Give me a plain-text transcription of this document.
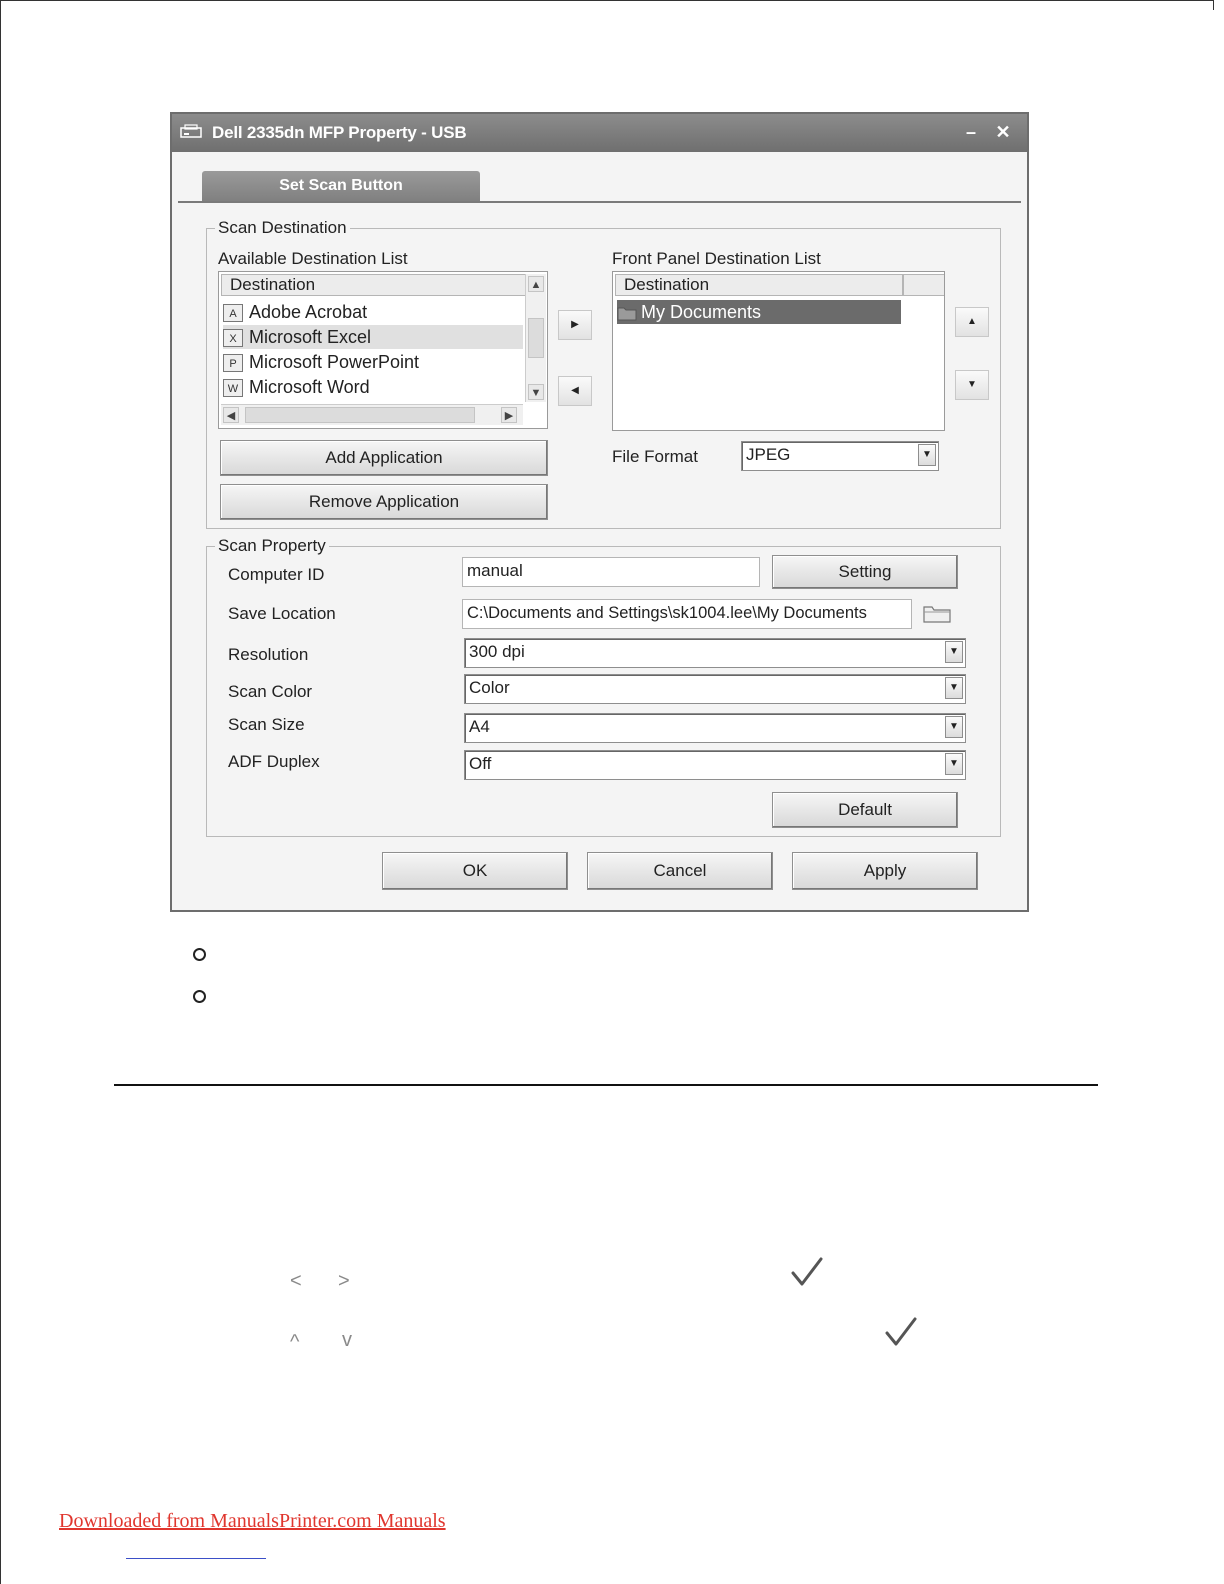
Dell 2335dn MFP Property - USB	–	✕
Set Scan Button
Scan Destination
Available Destination List
Destination
A Adobe Acrobat
X Microsoft Excel
P Microsoft PowerPoint
W Microsoft Word
▲
▼
◀	▶
▶
◀
Front Panel Destination List
Destination
My Documents	▲
▼
Add Application
Remove Application
File Format	JPEG	▼
Scan Property
Computer ID	manual	Setting
Save Location	C:\Documents and Settings\sk1004.lee\My Documents
Resolution	300 dpi	▼
Scan Color	Color	▼
Scan Size	A4	▼
ADF Duplex	Off	▼
Default
OK	Cancel	Apply
< >
^ v
Downloaded from ManualsPrinter.com Manuals
